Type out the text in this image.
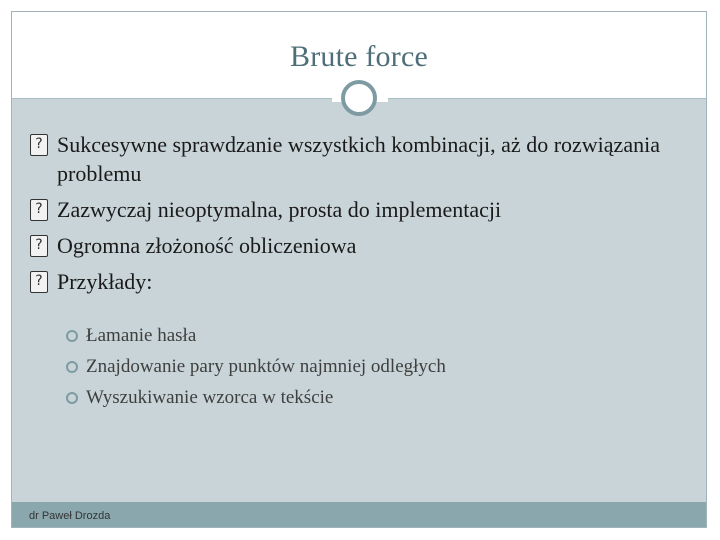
Brute force
?
Sukcesywne sprawdzanie wszystkich kombinacji, aż do rozwiązania problemu
?
Zazwyczaj nieoptymalna, prosta do implementacji
?
Ogromna złożoność obliczeniowa
?
Przykłady:
Łamanie hasła
Znajdowanie pary punktów najmniej odległych
Wyszukiwanie wzorca w tekście
dr Paweł Drozda
